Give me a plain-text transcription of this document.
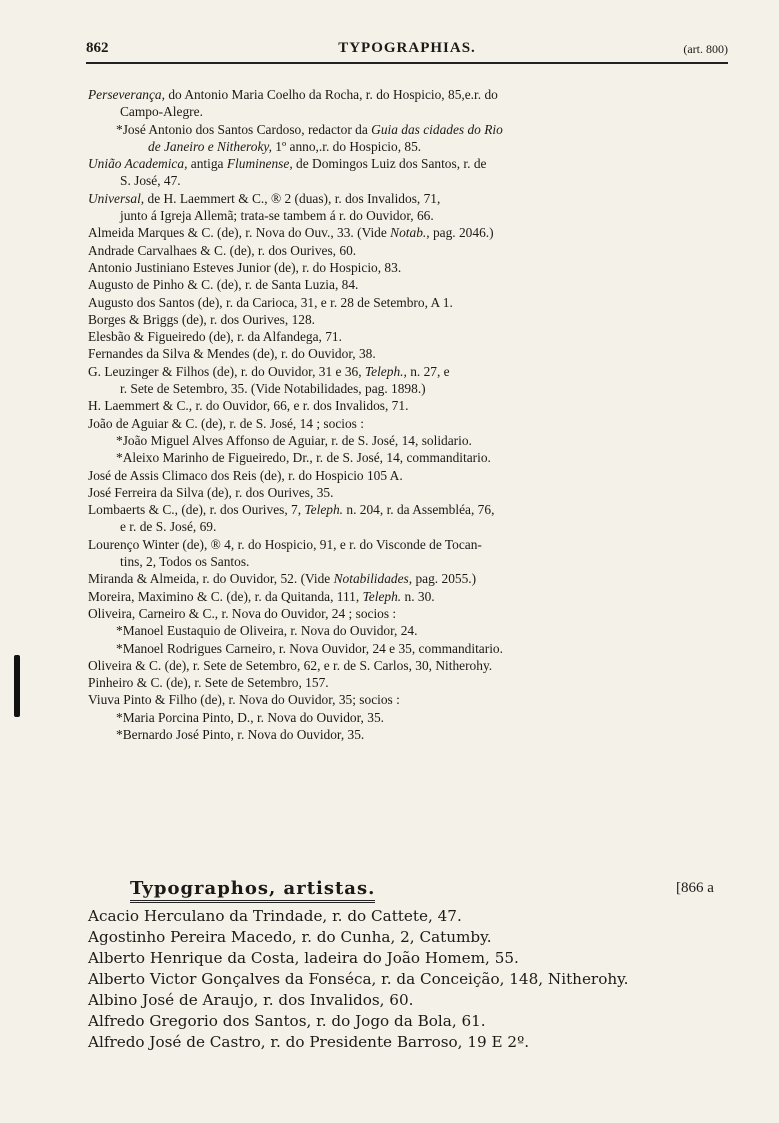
862	TYPOGRAPHIAS.	(art. 800)
Perseverança, do Antonio Maria Coelho da Rocha, r. do Hospicio, 85,e.r. do
Campo-Alegre.
*José Antonio dos Santos Cardoso, redactor da Guia das cidades do Rio
de Janeiro e Nitheroky, 1º anno,.r. do Hospicio, 85.
União Academica, antiga Fluminense, de Domingos Luiz dos Santos, r. de
S. José, 47.
Universal, de H. Laemmert & C., ® 2 (duas), r. dos Invalidos, 71,
junto á Igreja Allemã; trata-se tambem á r. do Ouvidor, 66.
Almeida Marques & C. (de), r. Nova do Ouv., 33. (Vide Notab., pag. 2046.)
Andrade Carvalhaes & C. (de), r. dos Ourives, 60.
Antonio Justiniano Esteves Junior (de), r. do Hospicio, 83.
Augusto de Pinho & C. (de), r. de Santa Luzia, 84.
Augusto dos Santos (de), r. da Carioca, 31, e r. 28 de Setembro, A 1.
Borges & Briggs (de), r. dos Ourives, 128.
Elesbão & Figueiredo (de), r. da Alfandega, 71.
Fernandes da Silva & Mendes (de), r. do Ouvidor, 38.
G. Leuzinger & Filhos (de), r. do Ouvidor, 31 e 36, Teleph., n. 27, e
r. Sete de Setembro, 35. (Vide Notabilidades, pag. 1898.)
H. Laemmert & C., r. do Ouvidor, 66, e r. dos Invalidos, 71.
João de Aguiar & C. (de), r. de S. José, 14 ; socios :
*João Miguel Alves Affonso de Aguiar, r. de S. José, 14, solidario.
*Aleixo Marinho de Figueiredo, Dr., r. de S. José, 14, commanditario.
José de Assis Climaco dos Reis (de), r. do Hospicio 105 A.
José Ferreira da Silva (de), r. dos Ourives, 35.
Lombaerts & C., (de), r. dos Ourives, 7, Teleph. n. 204, r. da Assembléa, 76,
e r. de S. José, 69.
Lourenço Winter (de), ® 4, r. do Hospicio, 91, e r. do Visconde de Tocan-
tins, 2, Todos os Santos.
Miranda & Almeida, r. do Ouvidor, 52. (Vide Notabilidades, pag. 2055.)
Moreira, Maximino & C. (de), r. da Quitanda, 111, Teleph. n. 30.
Oliveira, Carneiro & C., r. Nova do Ouvidor, 24 ; socios :
*Manoel Eustaquio de Oliveira, r. Nova do Ouvidor, 24.
*Manoel Rodrigues Carneiro, r. Nova Ouvidor, 24 e 35, commanditario.
Oliveira & C. (de), r. Sete de Setembro, 62, e r. de S. Carlos, 30, Nitherohy.
Pinheiro & C. (de), r. Sete de Setembro, 157.
Viuva Pinto & Filho (de), r. Nova do Ouvidor, 35; socios :
*Maria Porcina Pinto, D., r. Nova do Ouvidor, 35.
*Bernardo José Pinto, r. Nova do Ouvidor, 35.
Typographos, artistas.	[866 a
Acacio Herculano da Trindade, r. do Cattete, 47.
Agostinho Pereira Macedo, r. do Cunha, 2, Catumby.
Alberto Henrique da Costa, ladeira do João Homem, 55.
Alberto Victor Gonçalves da Fonséca, r. da Conceição, 148, Nitherohy.
Albino José de Araujo, r. dos Invalidos, 60.
Alfredo Gregorio dos Santos, r. do Jogo da Bola, 61.
Alfredo José de Castro, r. do Presidente Barroso, 19 E 2º.
